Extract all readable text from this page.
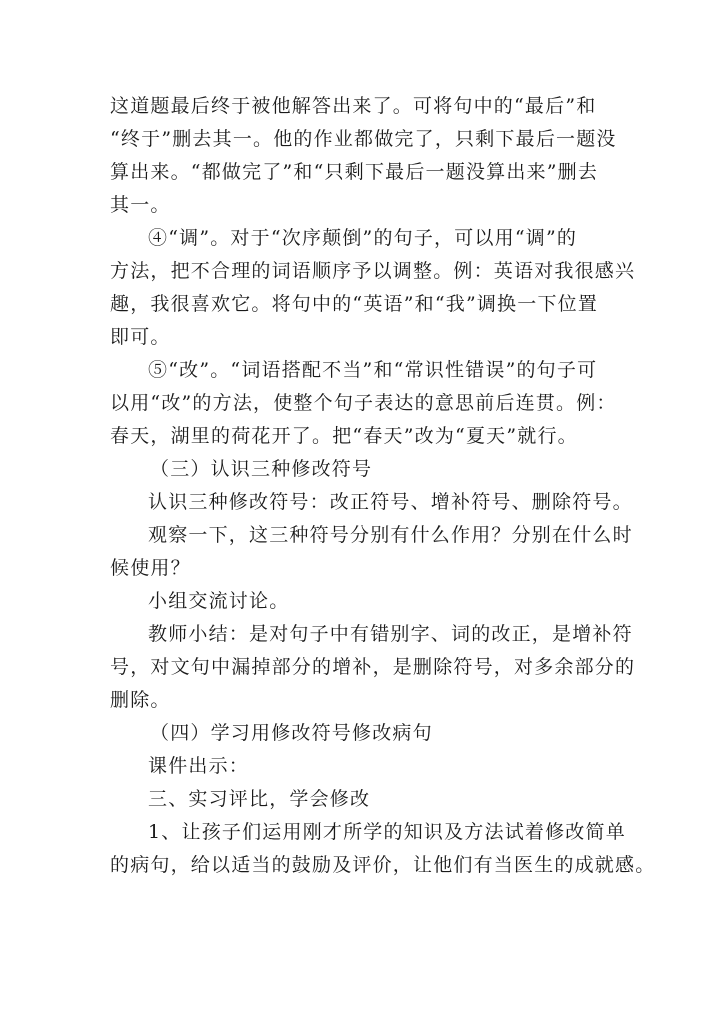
这道题最后终于被他解答出来了。可将句中的“最后”和
“终于”删去其一。他的作业都做完了，只剩下最后一题没
算出来。“都做完了”和“只剩下最后一题没算出来”删去
其一。
④“调”。对于“次序颠倒”的句子，可以用“调”的
方法，把不合理的词语顺序予以调整。例：英语对我很感兴
趣，我很喜欢它。将句中的“英语”和“我”调换一下位置
即可。
⑤“改”。“词语搭配不当”和“常识性错误”的句子可
以用“改”的方法，使整个句子表达的意思前后连贯。例：
春天，湖里的荷花开了。把“春天”改为“夏天”就行。
（三）认识三种修改符号
认识三种修改符号：改正符号、增补符号、删除符号。
观察一下，这三种符号分别有什么作用？分别在什么时
候使用？
小组交流讨论。
教师小结：是对句子中有错别字、词的改正，是增补符
号，对文句中漏掉部分的增补，是删除符号，对多余部分的
删除。
（四）学习用修改符号修改病句
课件出示：
三、实习评比，学会修改
1、让孩子们运用刚才所学的知识及方法试着修改简单
的病句，给以适当的鼓励及评价，让他们有当医生的成就感。
